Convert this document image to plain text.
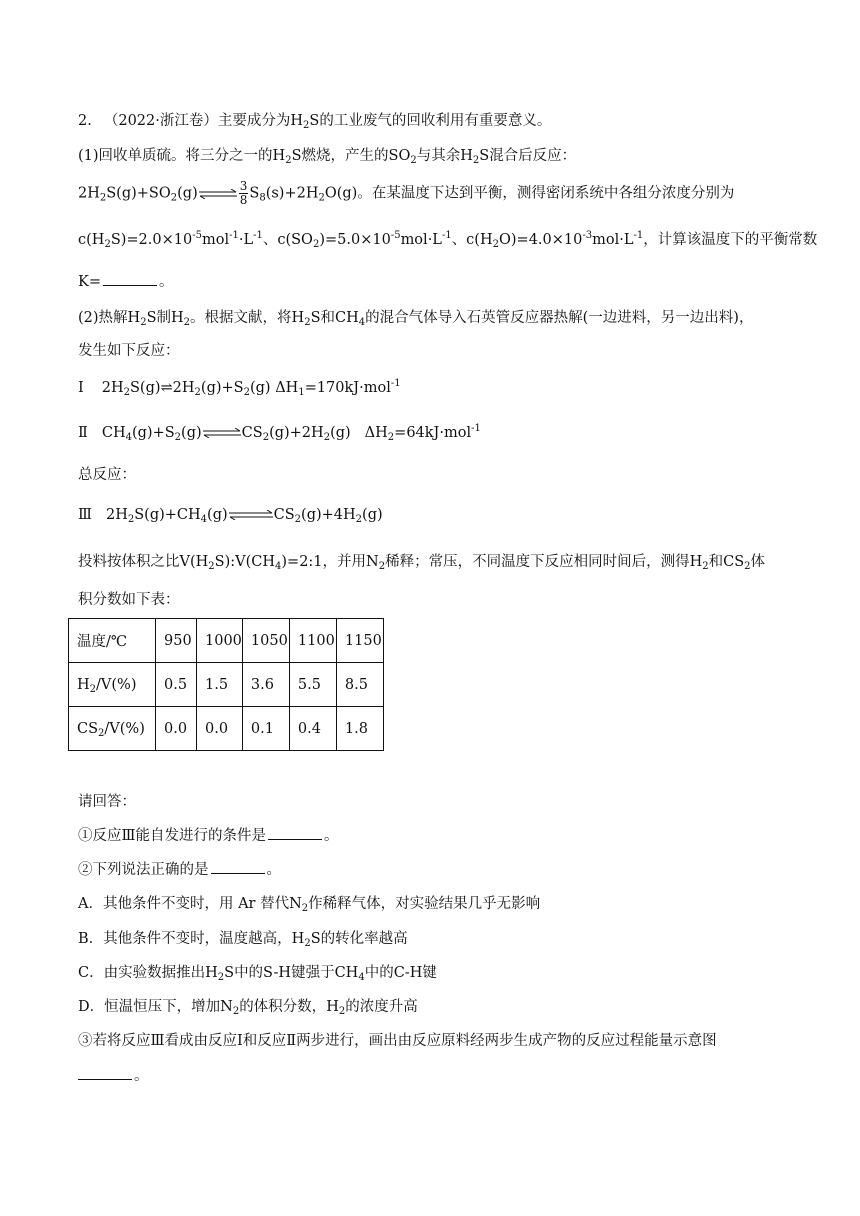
2. （2022·浙江卷）主要成分为$H_2S$的工业废气的回收利用有重要意义。
(1)回收单质硫。将三分之一的$H_2S$燃烧，产生的$SO_2$与其余$H_2S$混合后反应：
$2H_2S(g)+SO_2(g)\rightleftharpoons \frac{3}{8} S_8(s)+2H_2O(g)$。在某温度下达到平衡，测得密闭系统中各组分浓度分别为
$c(H_2S)=2.0\times 10^{-5}mol^{-1}\cdot L^{-1}$、$c(SO_2)=5.0\times 10^{-5}mol\cdot L^{-1}$、$c(H_2O)=4.0\times 10^{-3}mol\cdot L^{-1}$，计算该温度下的平衡常数
K=	。
(2)热解$H_2S$制$H_2$。根据文献，将$H_2S$和$CH_4$的混合气体导入石英管反应器热解(一边进料，另一边出料)，
发生如下反应：
Ⅰ $2H_2S(g)\rightleftharpoons 2H_2(g)+S_2(g)$ $\Delta H_1=170kJ\cdot mol^{-1}$
Ⅱ $CH_4(g)+S_2(g)\rightleftharpoons CS_2(g)+2H_2(g)$ $\Delta H_2=64kJ\cdot mol^{-1}$
总反应：
Ⅲ $2H_2S(g)+CH_4(g)\rightleftharpoons CS_2(g)+4H_2(g)$
投料按体积之比$V(H_2S):V(CH_4)=2:1$，并用$N_2$稀释；常压，不同温度下反应相同时间后，测得$H_2$和$CS_2$体
积分数如下表：
温度/℃	950	1000	1050	1100	1150
$H_2/V(\%)$	0.5	1.5	3.6	5.5	8.5
$CS_2/V(\%)$	0.0	0.0	0.1	0.4	1.8
请回答：
①反应Ⅲ能自发进行的条件是	。
②下列说法正确的是	。
A．其他条件不变时，用 Ar 替代$N_2$作稀释气体，对实验结果几乎无影响
B．其他条件不变时，温度越高，$H_2S$的转化率越高
C．由实验数据推出$H_2S$中的S-H键强于$CH_4$中的C-H键
D．恒温恒压下，增加$N_2$的体积分数，$H_2$的浓度升高
③若将反应Ⅲ看成由反应Ⅰ和反应Ⅱ两步进行，画出由反应原料经两步生成产物的反应过程能量示意图
。
